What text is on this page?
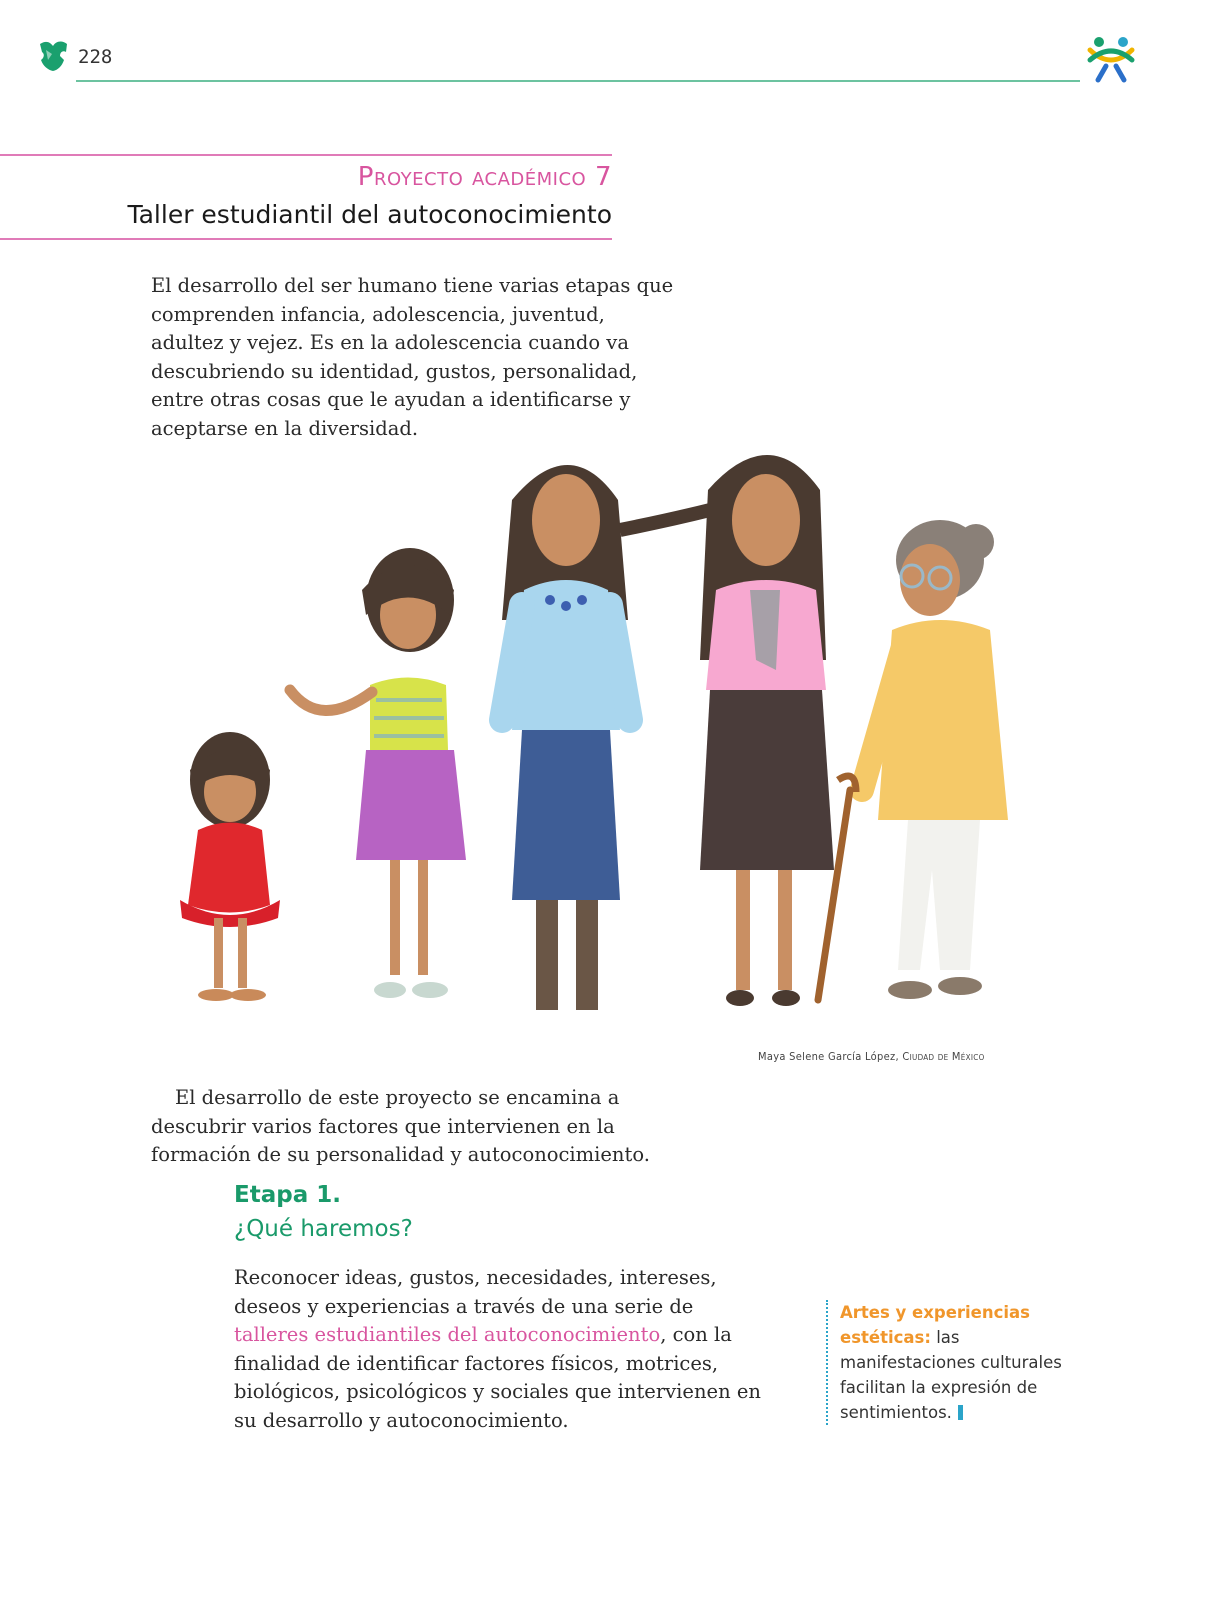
228
Proyecto académico 7
Taller estudiantil del autoconocimiento
El desarrollo del ser humano tiene varias etapas que comprenden infancia, adolescencia, juventud, adultez y vejez. Es en la adolescencia cuando va descubriendo su identidad, gustos, personalidad, entre otras cosas que le ayudan a identificarse y aceptarse en la diversidad.
Maya Selene García López, Ciudad de México
El desarrollo de este proyecto se encamina a descubrir varios factores que intervienen en la formación de su personalidad y autoconocimiento.
Etapa 1.
¿Qué haremos?
Reconocer ideas, gustos, necesidades, intereses, deseos y experiencias a través de una serie de talleres estudiantiles del autoconocimiento, con la finalidad de identificar factores físicos, motrices, biológicos, psicológicos y sociales que intervienen en su desarrollo y autoconocimiento.
Artes y experiencias estéticas: las manifestaciones culturales facilitan la expresión de sentimientos.
